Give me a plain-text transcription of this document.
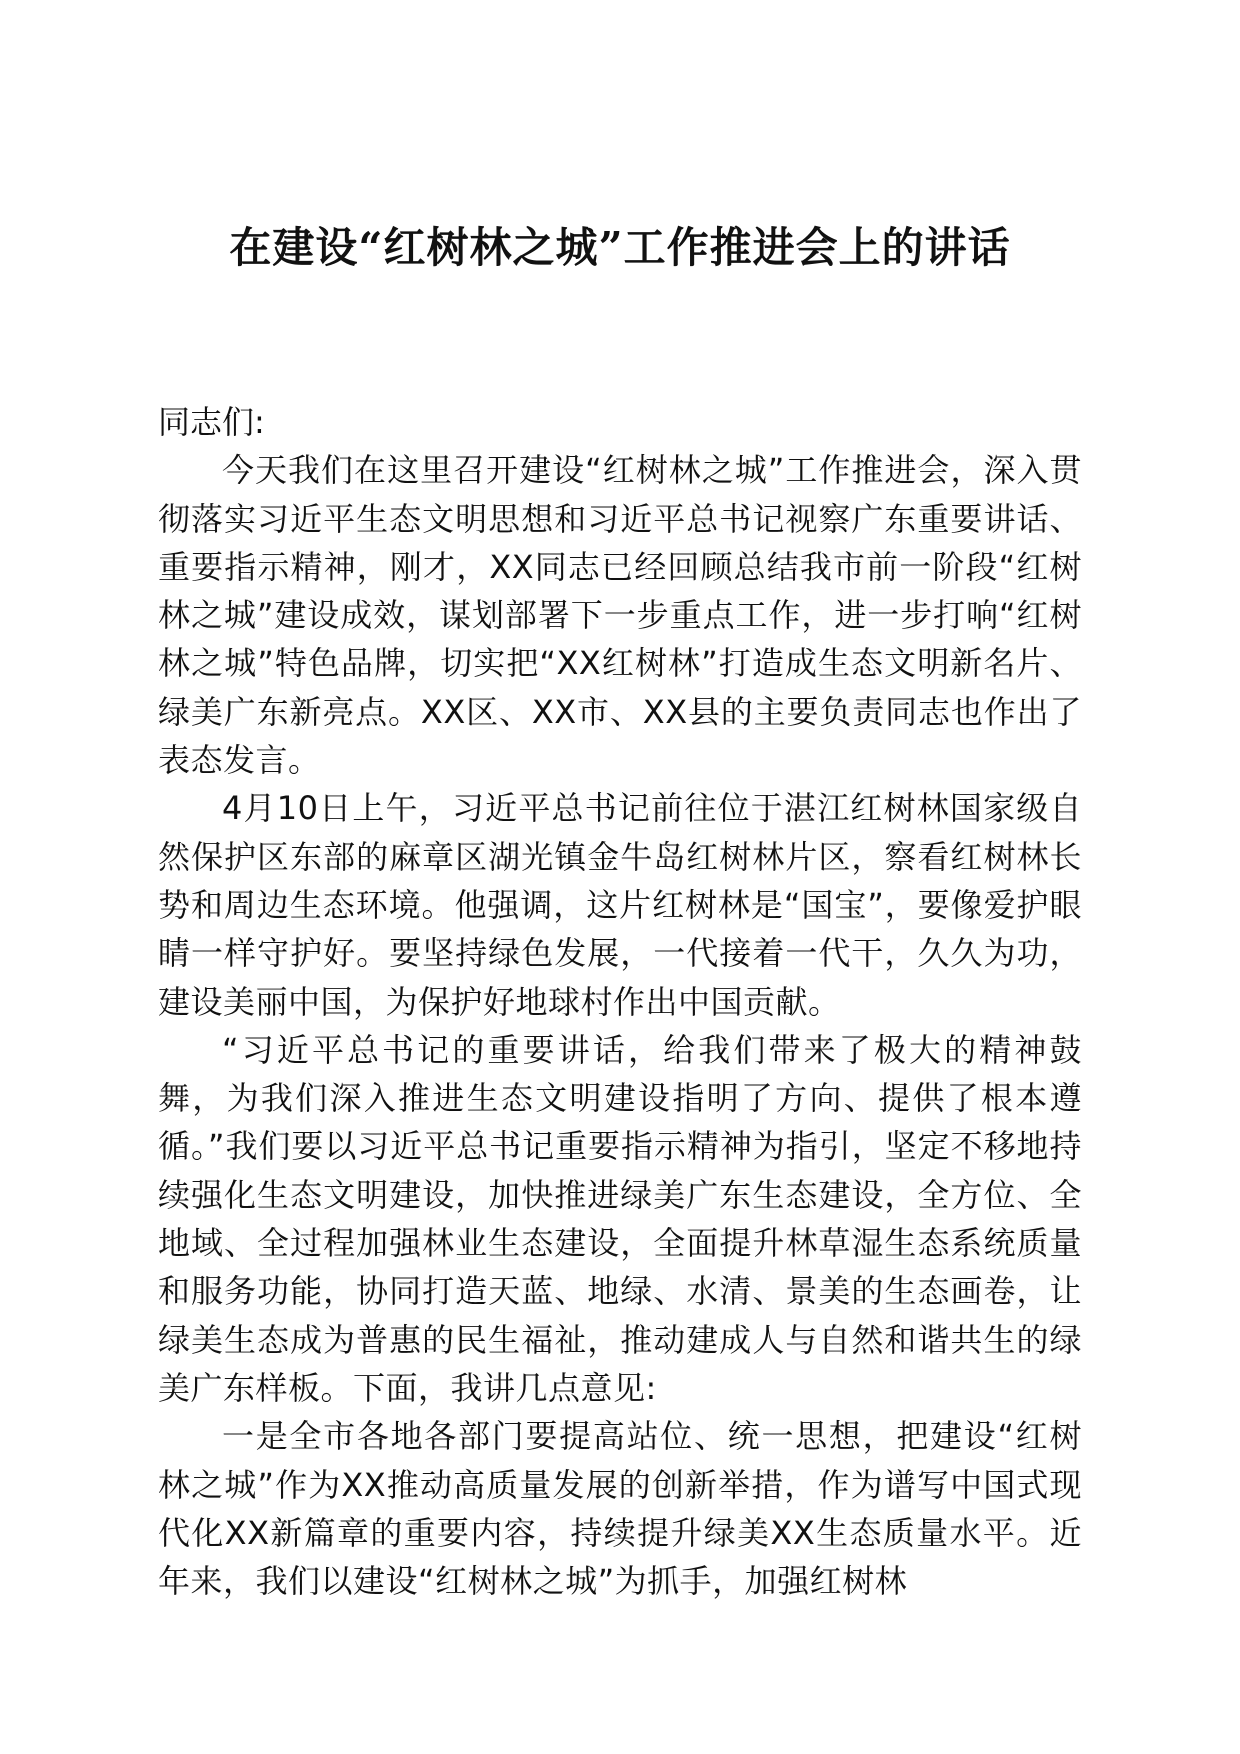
在建设“红树林之城”工作推进会上的讲话

同志们:

今天我们在这里召开建设“红树林之城”工作推进会，深入贯彻落实习近平生态文明思想和习近平总书记视察广东重要讲话、重要指示精神，刚才，XX同志已经回顾总结我市前一阶段“红树林之城”建设成效，谋划部署下一步重点工作，进一步打响“红树林之城”特色品牌，切实把“XX红树林”打造成生态文明新名片、绿美广东新亮点。XX区、XX市、XX县的主要负责同志也作出了表态发言。

4月10日上午，习近平总书记前往位于湛江红树林国家级自然保护区东部的麻章区湖光镇金牛岛红树林片区，察看红树林长势和周边生态环境。他强调，这片红树林是“国宝”，要像爱护眼睛一样守护好。要坚持绿色发展，一代接着一代干，久久为功，建设美丽中国，为保护好地球村作出中国贡献。

“习近平总书记的重要讲话，给我们带来了极大的精神鼓舞，为我们深入推进生态文明建设指明了方向、提供了根本遵循。”我们要以习近平总书记重要指示精神为指引，坚定不移地持续强化生态文明建设，加快推进绿美广东生态建设，全方位、全地域、全过程加强林业生态建设，全面提升林草湿生态系统质量和服务功能，协同打造天蓝、地绿、水清、景美的生态画卷，让绿美生态成为普惠的民生福祉，推动建成人与自然和谐共生的绿美广东样板。下面，我讲几点意见:

一是全市各地各部门要提高站位、统一思想，把建设“红树林之城”作为XX推动高质量发展的创新举措，作为谱写中国式现代化XX新篇章的重要内容，持续提升绿美XX生态质量水平。近年来，我们以建设“红树林之城”为抓手，加强红树林
